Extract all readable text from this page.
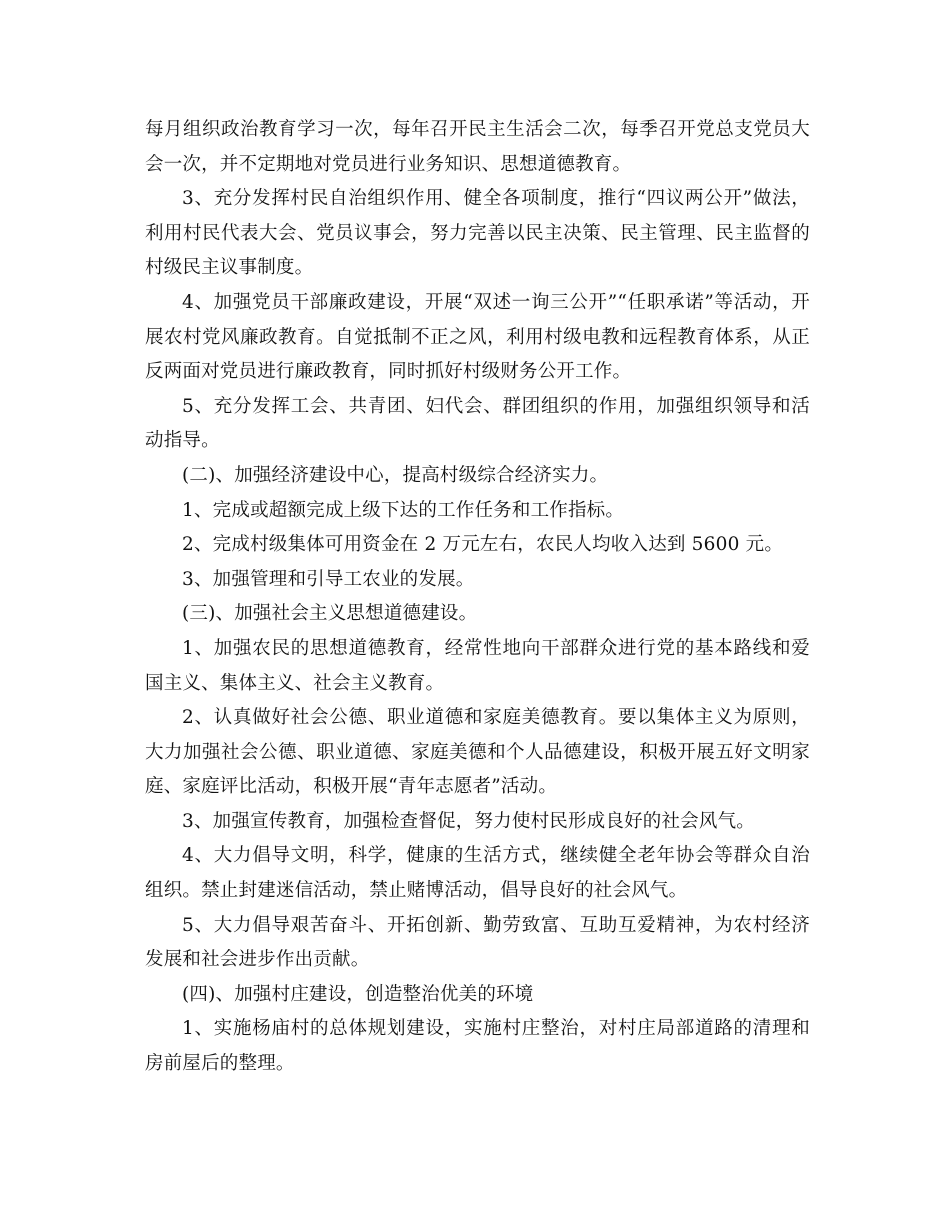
每月组织政治教育学习一次，每年召开民主生活会二次，每季召开党总支党员大会一次，并不定期地对党员进行业务知识、思想道德教育。

3、充分发挥村民自治组织作用、健全各项制度，推行“四议两公开”做法，利用村民代表大会、党员议事会，努力完善以民主决策、民主管理、民主监督的村级民主议事制度。

4、加强党员干部廉政建设，开展“双述一询三公开”“任职承诺”等活动，开展农村党风廉政教育。自觉抵制不正之风，利用村级电教和远程教育体系，从正反两面对党员进行廉政教育，同时抓好村级财务公开工作。

5、充分发挥工会、共青团、妇代会、群团组织的作用，加强组织领导和活动指导。

(二)、加强经济建设中心，提高村级综合经济实力。

1、完成或超额完成上级下达的工作任务和工作指标。

2、完成村级集体可用资金在 2 万元左右，农民人均收入达到 5600 元。

3、加强管理和引导工农业的发展。

(三)、加强社会主义思想道德建设。

1、加强农民的思想道德教育，经常性地向干部群众进行党的基本路线和爱国主义、集体主义、社会主义教育。

2、认真做好社会公德、职业道德和家庭美德教育。要以集体主义为原则，大力加强社会公德、职业道德、家庭美德和个人品德建设，积极开展五好文明家庭、家庭评比活动，积极开展“青年志愿者”活动。

3、加强宣传教育，加强检查督促，努力使村民形成良好的社会风气。

4、大力倡导文明，科学，健康的生活方式，继续健全老年协会等群众自治组织。禁止封建迷信活动，禁止赌博活动，倡导良好的社会风气。

5、大力倡导艰苦奋斗、开拓创新、勤劳致富、互助互爱精神，为农村经济发展和社会进步作出贡献。

(四)、加强村庄建设，创造整治优美的环境

1、实施杨庙村的总体规划建设，实施村庄整治，对村庄局部道路的清理和房前屋后的整理。
